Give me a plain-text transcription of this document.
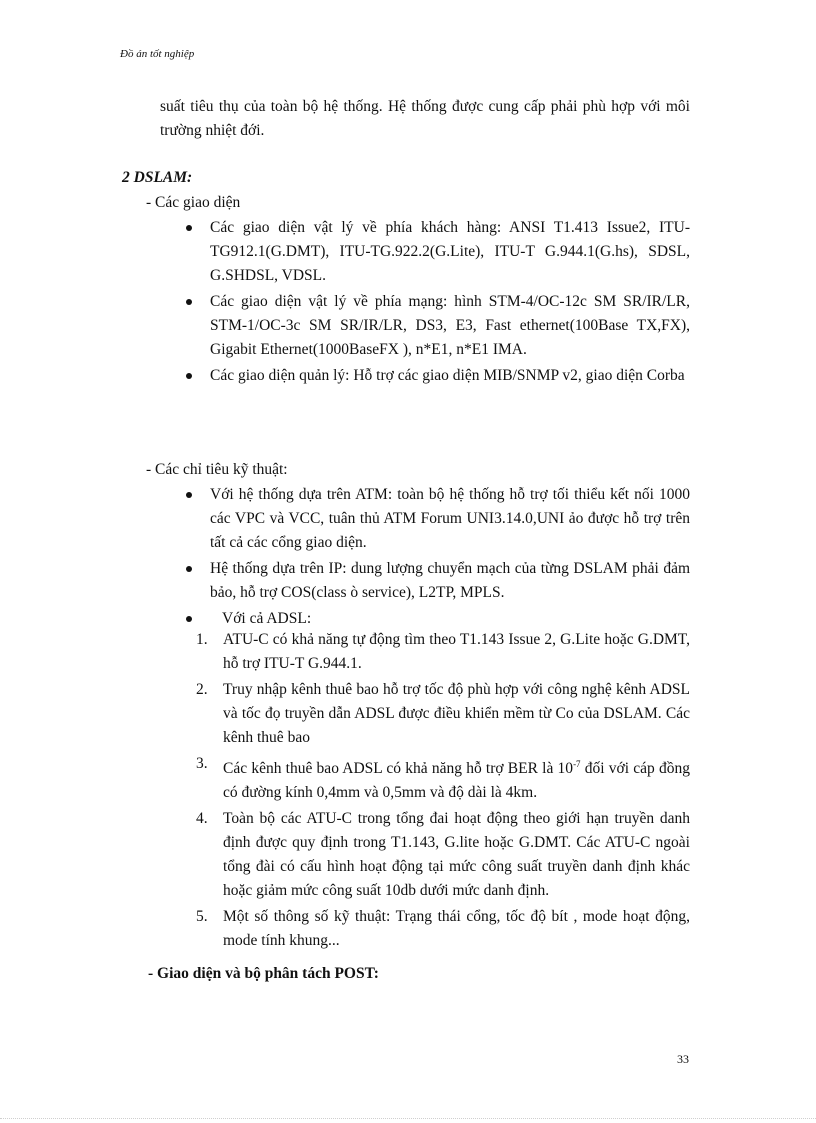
Đồ án tốt nghiệp
suất tiêu thụ của toàn bộ hệ thống. Hệ thống được cung cấp phải phù hợp với môi trường nhiệt đới.
2 DSLAM:
- Các giao diện
Các giao diện vật lý về phía khách hàng: ANSI T1.413 Issue2, ITU-TG912.1(G.DMT), ITU-TG.922.2(G.Lite), ITU-T G.944.1(G.hs), SDSL, G.SHDSL, VDSL.
Các giao diện vật lý về phía mạng: hình STM-4/OC-12c SM SR/IR/LR, STM-1/OC-3c SM SR/IR/LR, DS3, E3, Fast ethernet(100Base TX,FX), Gigabit Ethernet(1000BaseFX ), n*E1, n*E1 IMA.
Các giao diện quản lý: Hỗ trợ các giao diện MIB/SNMP v2, giao diện Corba
- Các chỉ tiêu kỹ thuật:
Với hệ thống dựa trên ATM: toàn bộ hệ thống hỗ trợ tối thiểu kết nối 1000 các VPC và VCC, tuân thủ ATM Forum UNI3.14.0,UNI ảo được hỗ trợ trên tất cả các cổng giao diện.
Hệ thống dựa trên IP: dung lượng chuyển mạch của từng DSLAM phải đảm bảo, hỗ trợ COS(class ò service), L2TP, MPLS.
Với cả ADSL:
1. ATU-C có khả năng tự động tìm theo T1.143 Issue 2, G.Lite hoặc G.DMT, hỗ trợ ITU-T G.944.1.
2. Truy nhập kênh thuê bao hỗ trợ tốc độ phù hợp với công nghệ kênh ADSL và tốc đọ truyền dẫn ADSL được điều khiển mềm từ Co của DSLAM. Các kênh thuê bao
3. Các kênh thuê bao ADSL có khả năng hỗ trợ BER là $10^{-7}$ đối với cáp đồng có đường kính 0,4mm và 0,5mm và độ dài là 4km.
4. Toàn bộ các ATU-C trong tổng đai hoạt động theo giới hạn truyền danh định được quy định trong T1.143, G.lite hoặc G.DMT. Các ATU-C ngoài tổng đài có cấu hình hoạt động tại mức công suất truyền danh định khác hoặc giảm mức công suất 10db dưới mức danh định.
5. Một số thông số kỹ thuật: Trạng thái cổng, tốc độ bít , mode hoạt động, mode tính khung...
- Giao diện và bộ phân tách POST:
33
